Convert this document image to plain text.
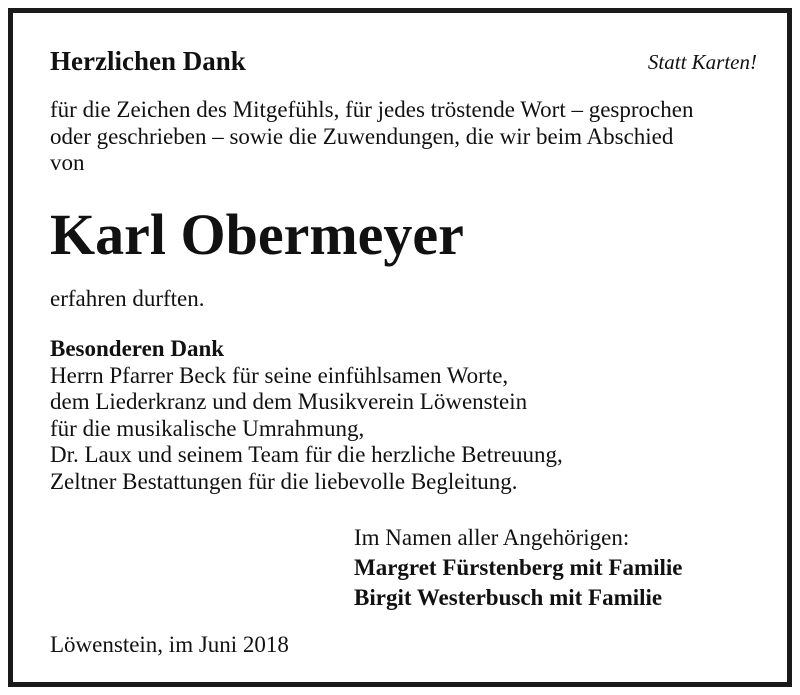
Herzlichen Dank	Statt Karten!
für die Zeichen des Mitgefühls, für jedes tröstende Wort – gesprochen
oder geschrieben – sowie die Zuwendungen, die wir beim Abschied
von
Karl Obermeyer
erfahren durften.
Besonderen Dank
Herrn Pfarrer Beck für seine einfühlsamen Worte,
dem Liederkranz und dem Musikverein Löwenstein
für die musikalische Umrahmung,
Dr. Laux und seinem Team für die herzliche Betreuung,
Zeltner Bestattungen für die liebevolle Begleitung.
Im Namen aller Angehörigen:
Margret Fürstenberg mit Familie
Birgit Westerbusch mit Familie
Löwenstein, im Juni 2018
